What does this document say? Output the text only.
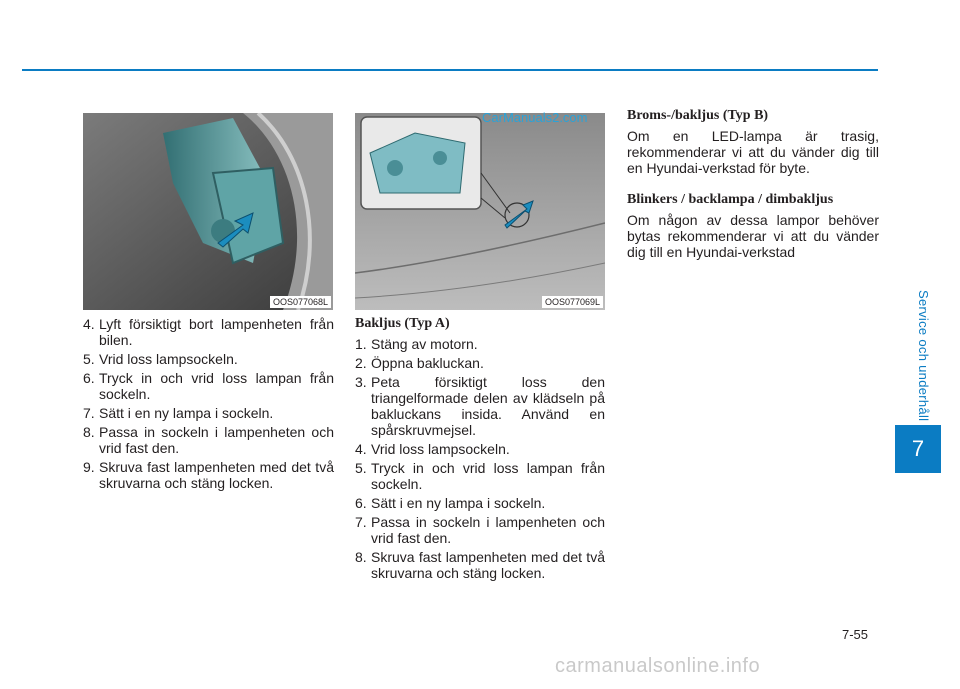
Service och underhåll
7
OOS077068L	OOS077069L
CarManuals2.com
4. Lyft försiktigt bort lampenheten från bilen.
5. Vrid loss lampsockeln.
6. Tryck in och vrid loss lampan från sockeln.
7. Sätt i en ny lampa i sockeln.
8. Passa in sockeln i lampenheten och vrid fast den.
9. Skruva fast lampenheten med det två skruvarna och stäng locken.
Bakljus (Typ A)
1. Stäng av motorn.
2. Öppna bakluckan.
3. Peta försiktigt loss den triangelformade delen av klädseln på bakluckans insida. Använd en spårskruvmejsel.
4. Vrid loss lampsockeln.
5. Tryck in och vrid loss lampan från sockeln.
6. Sätt i en ny lampa i sockeln.
7. Passa in sockeln i lampenheten och vrid fast den.
8. Skruva fast lampenheten med det två skruvarna och stäng locken.
Broms-/bakljus (Typ B)

Om en LED-lampa är trasig, rekommenderar vi att du vänder dig till en Hyundai-verkstad för byte.

Blinkers / backlampa / dimbakljus

Om någon av dessa lampor behöver bytas rekommenderar vi att du vänder dig till en Hyundai-verkstad

7-55
carmanualsonline.info
